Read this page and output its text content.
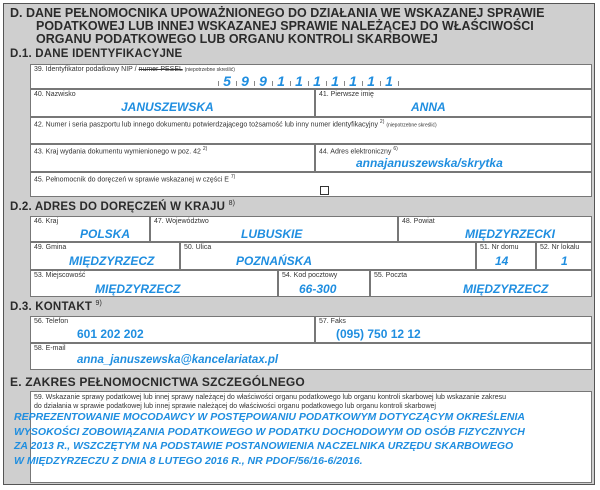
D. DANE PEŁNOMOCNIKA UPOWAŻNIONEGO DO DZIAŁANIA WE WSKAZANEJ SPRAWIE
PODATKOWEJ LUB INNEJ WSKAZANEJ SPRAWIE NALEŻĄCEJ DO WŁAŚCIWOŚCI
ORGANU PODATKOWEGO LUB ORGANU KONTROLI SKARBOWEJ
D.1. DANE IDENTYFIKACYJNE
39. Identyfikator podatkowy NIP / numer PESEL (niepotrzebne skreślić)
5 9 9 1 1 1 1 1 1 1
40. Nazwisko
JANUSZEWSKA
41. Pierwsze imię
ANNA
42. Numer i seria paszportu lub innego dokumentu potwierdzającego tożsamość lub inny numer identyfikacyjny $^{2)}$ (niepotrzebne skreślić)
43. Kraj wydania dokumentu wymienionego w poz. 42 $^{2)}$	44. Adres elektroniczny $^{6)}$
annajanuszewska/skrytka
45. Pełnomocnik do doręczeń w sprawie wskazanej w części E $^{7)}$
D.2. ADRES DO DORĘCZEŃ W KRAJU $^{8)}$
46. Kraj
POLSKA
47. Województwo
LUBUSKIE
48. Powiat
MIĘDZYRZECKI
49. Gmina
MIĘDZYRZECZ
50. Ulica
POZNAŃSKA
51. Nr domu
14
52. Nr lokalu
1
53. Miejscowość
MIĘDZYRZECZ
54. Kod pocztowy
66-300
55. Poczta
MIĘDZYRZECZ
D.3. KONTAKT $^{9)}$
56. Telefon
601 202 202
57. Faks
(095) 750 12 12
58. E-mail
anna_januszewska@kancelariatax.pl
E. ZAKRES PEŁNOMOCNICTWA SZCZEGÓLNEGO
59. Wskazanie sprawy podatkowej lub innej sprawy należącej do właściwości organu podatkowego lub organu kontroli skarbowej lub wskazanie zakresu
do działania w sprawie podatkowej lub innej sprawie należącej do właściwości organu podatkowego lub organu kontroli skarbowej
REPREZENTOWANIE MOCODAWCY W POSTĘPOWANIU PODATKOWYM DOTYCZĄCYM OKREŚLENIA
WYSOKOŚCI ZOBOWIĄZANIA PODATKOWEGO W PODATKU DOCHODOWYM OD OSÓB FIZYCZNYCH
ZA 2013 R., WSZCZĘTYM NA PODSTAWIE POSTANOWIENIA NACZELNIKA URZĘDU SKARBOWEGO
W MIĘDZYRZECZU Z DNIA 8 LUTEGO 2016 R., NR PDOF/56/16-6/2016.
